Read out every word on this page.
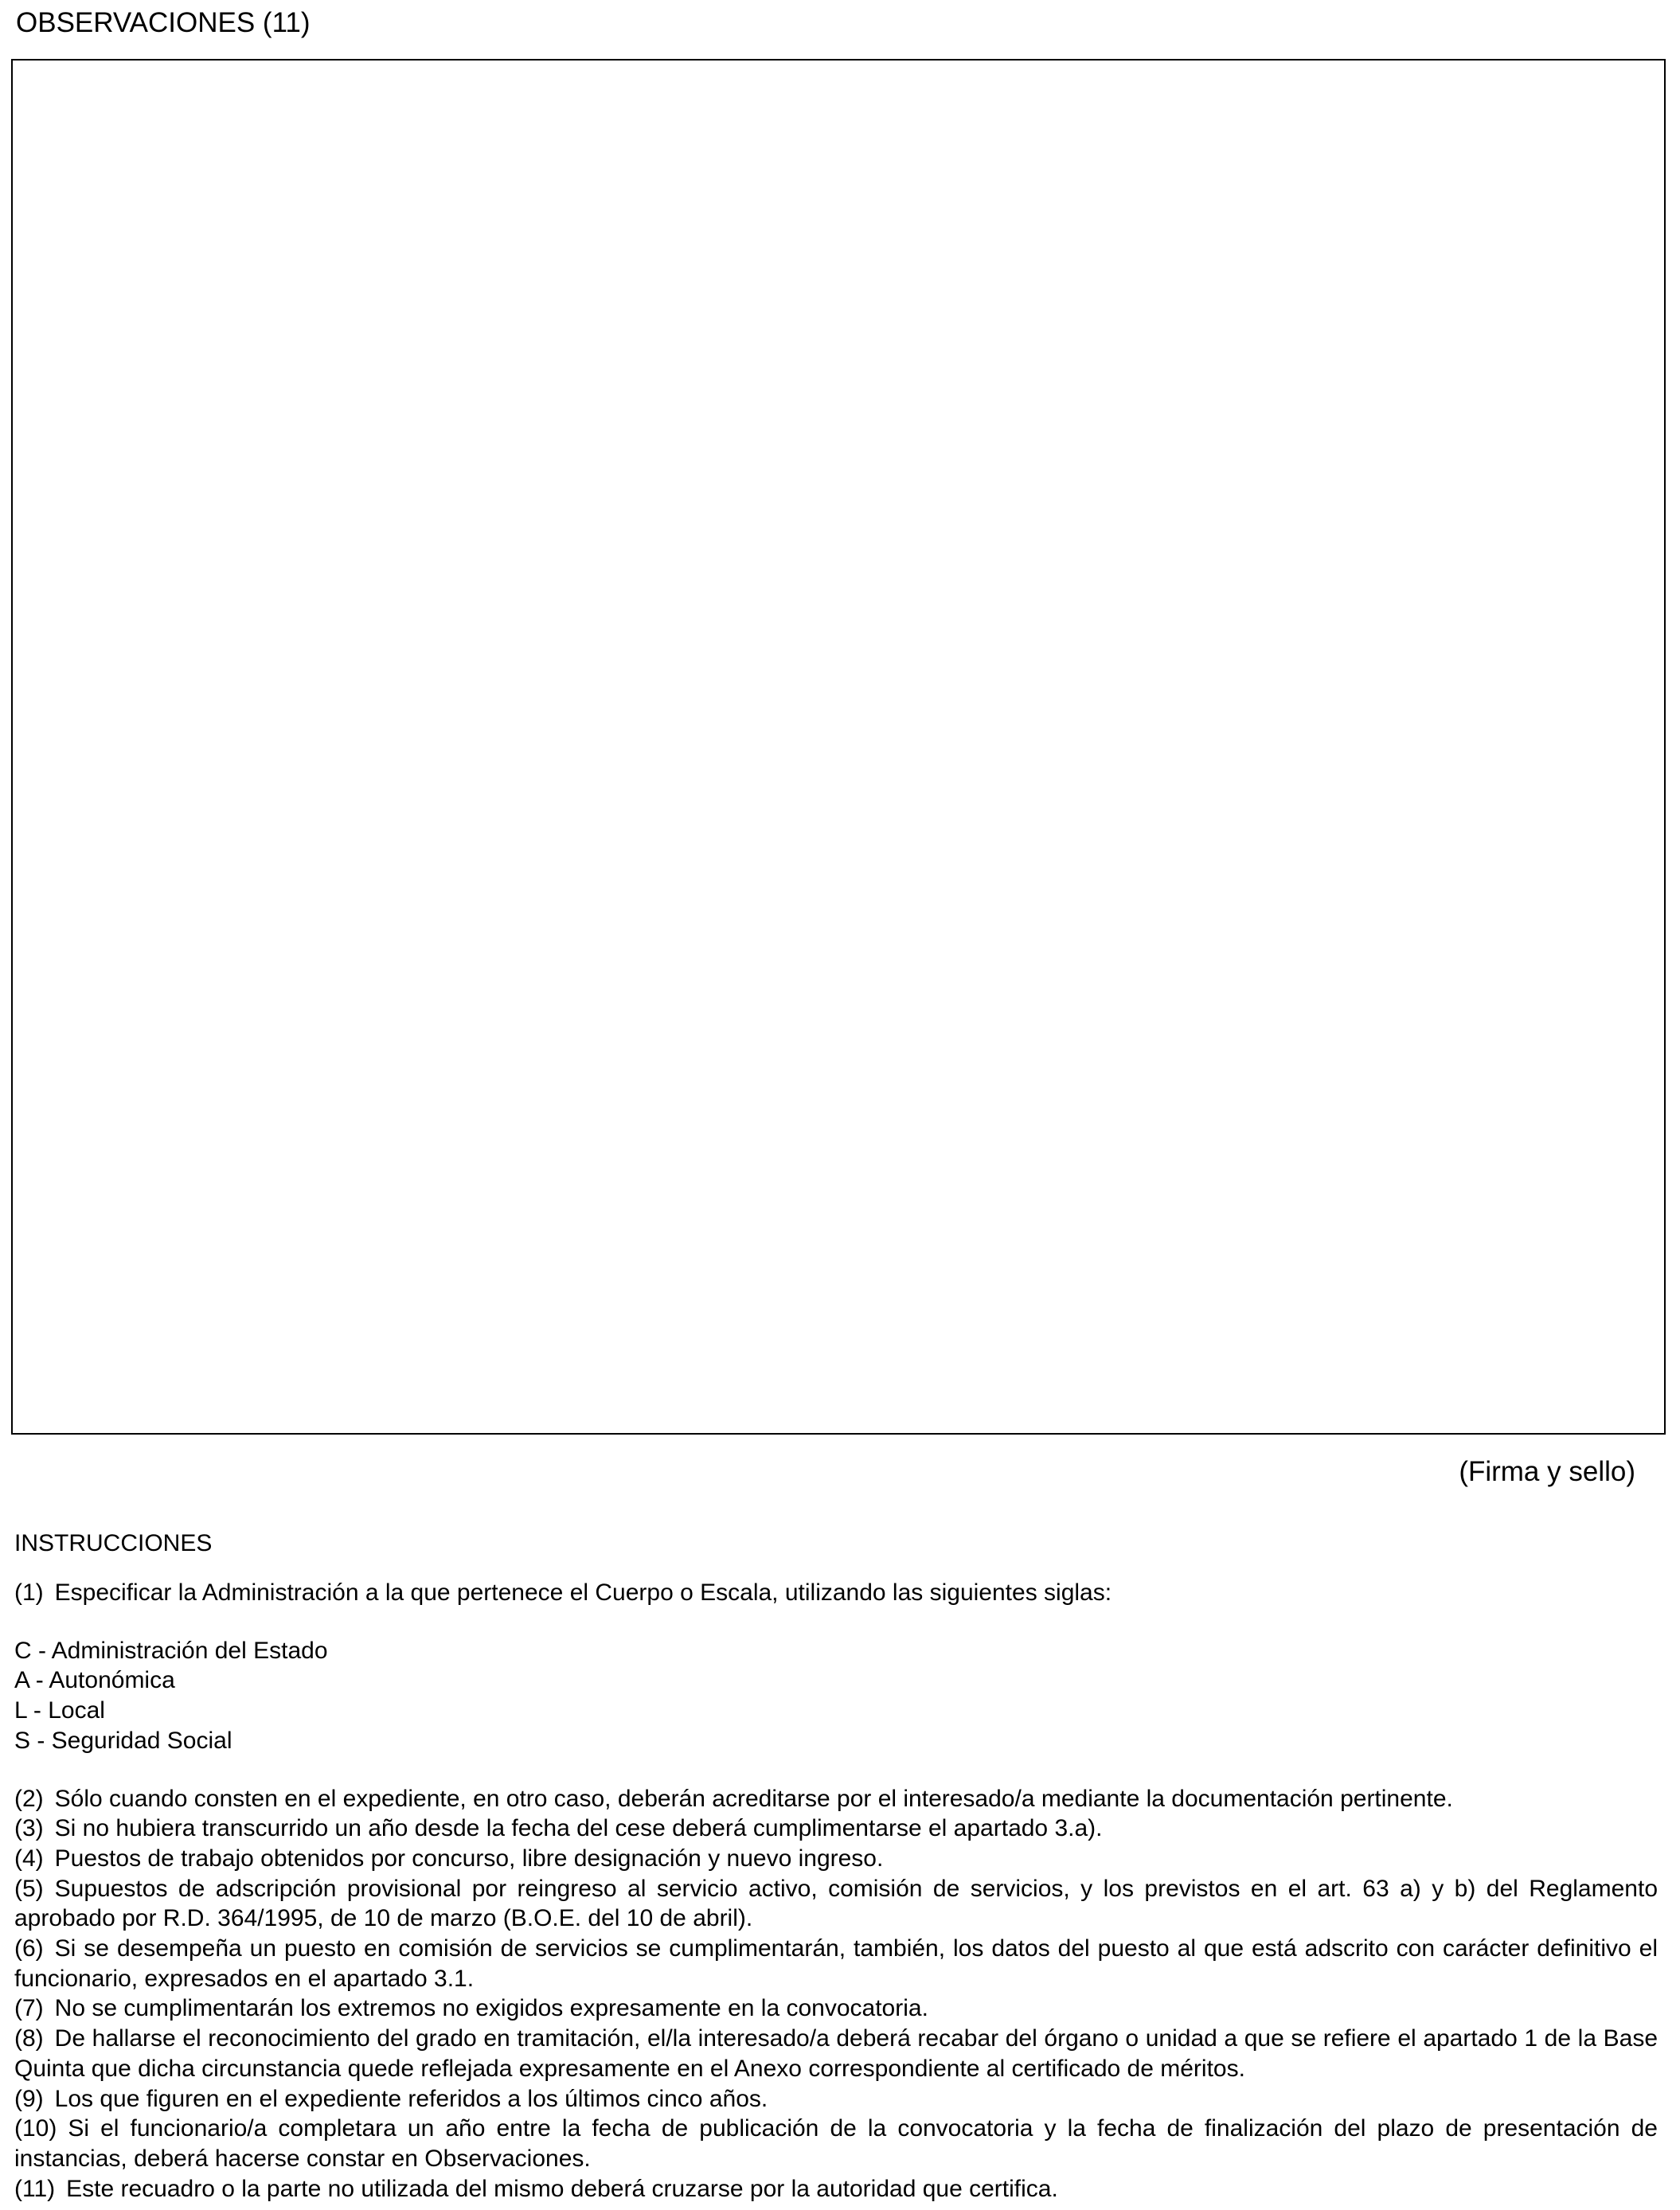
OBSERVACIONES (11)
(Firma y sello)
INSTRUCCIONES

(1) Especificar la Administración a la que pertenece el Cuerpo o Escala, utilizando las siguientes siglas:

C - Administración del Estado

A - Autonómica

L - Local

S - Seguridad Social

(2) Sólo cuando consten en el expediente, en otro caso, deberán acreditarse por el interesado/a mediante la documentación pertinente.

(3) Si no hubiera transcurrido un año desde la fecha del cese deberá cumplimentarse el apartado 3.a).

(4) Puestos de trabajo obtenidos por concurso, libre designación y nuevo ingreso.

(5) Supuestos de adscripción provisional por reingreso al servicio activo, comisión de servicios, y los previstos en el art. 63 a) y b) del Reglamento aprobado por R.D. 364/1995, de 10 de marzo (B.O.E. del 10 de abril).

(6) Si se desempeña un puesto en comisión de servicios se cumplimentarán, también, los datos del puesto al que está adscrito con carácter definitivo el funcionario, expresados en el apartado 3.1.

(7) No se cumplimentarán los extremos no exigidos expresamente en la convocatoria.

(8) De hallarse el reconocimiento del grado en tramitación, el/la interesado/a deberá recabar del órgano o unidad a que se refiere el apartado 1 de la Base Quinta que dicha circunstancia quede reflejada expresamente en el Anexo correspondiente al certificado de méritos.

(9) Los que figuren en el expediente referidos a los últimos cinco años.

(10) Si el funcionario/a completara un año entre la fecha de publicación de la convocatoria y la fecha de finalización del plazo de presentación de instancias, deberá hacerse constar en Observaciones.

(11) Este recuadro o la parte no utilizada del mismo deberá cruzarse por la autoridad que certifica.
